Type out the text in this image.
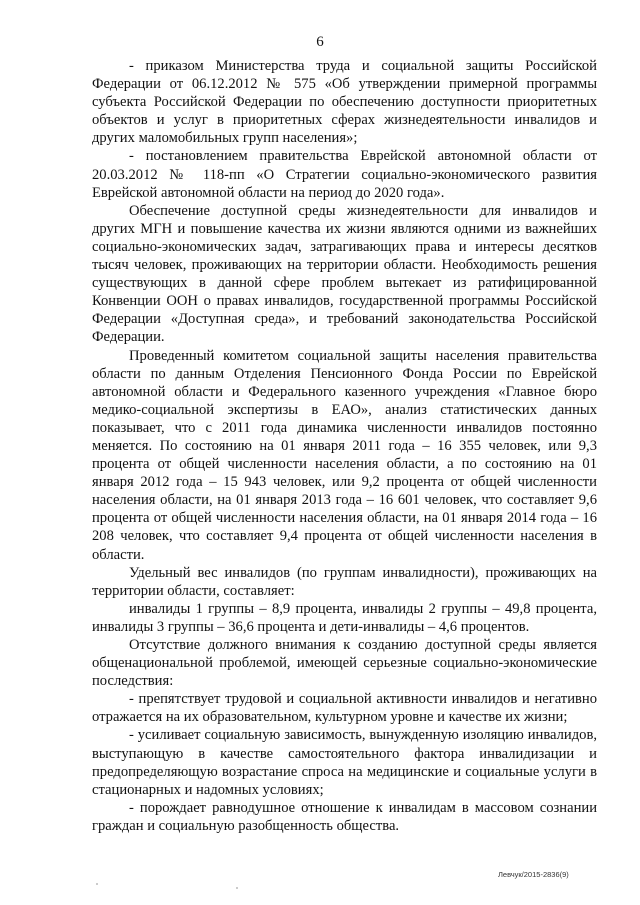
6

- приказом Министерства труда и социальной защиты Российской Федерации от 06.12.2012 № 575 «Об утверждении примерной программы субъекта Российской Федерации по обеспечению доступности приоритетных объектов и услуг в приоритетных сферах жизнедеятельности инвалидов и других маломобильных групп населения»;

- постановлением правительства Еврейской автономной области от 20.03.2012 № 118-пп «О Стратегии социально-экономического развития Еврейской автономной области на период до 2020 года».

Обеспечение доступной среды жизнедеятельности для инвалидов и других МГН и повышение качества их жизни являются одними из важнейших социально-экономических задач, затрагивающих права и интересы десятков тысяч человек, проживающих на территории области. Необходимость решения существующих в данной сфере проблем вытекает из ратифицированной Конвенции ООН о правах инвалидов, государственной программы Российской Федерации «Доступная среда», и требований законодательства Российской Федерации.

Проведенный комитетом социальной защиты населения правительства области по данным Отделения Пенсионного Фонда России по Еврейской автономной области и Федерального казенного учреждения «Главное бюро медико-социальной экспертизы в ЕАО», анализ статистических данных показывает, что с 2011 года динамика численности инвалидов постоянно меняется. По состоянию на 01 января 2011 года – 16 355 человек, или 9,3 процента от общей численности населения области, а по состоянию на 01 января 2012 года – 15 943 человек, или 9,2 процента от общей численности населения области, на 01 января 2013 года – 16 601 человек, что составляет 9,6 процента от общей численности населения области, на 01 января 2014 года – 16 208 человек, что составляет 9,4 процента от общей численности населения в области.

Удельный вес инвалидов (по группам инвалидности), проживающих на территории области, составляет:

инвалиды 1 группы – 8,9 процента, инвалиды 2 группы – 49,8 процента, инвалиды 3 группы – 36,6 процента и дети-инвалиды – 4,6 процентов.

Отсутствие должного внимания к созданию доступной среды является общенациональной проблемой, имеющей серьезные социально-экономические последствия:

- препятствует трудовой и социальной активности инвалидов и негативно отражается на их образовательном, культурном уровне и качестве их жизни;

- усиливает социальную зависимость, вынужденную изоляцию инвалидов, выступающую в качестве самостоятельного фактора инвалидизации и предопределяющую возрастание спроса на медицинские и социальные услуги в стационарных и надомных условиях;

- порождает равнодушное отношение к инвалидам в массовом сознании граждан и социальную разобщенность общества.

Левчук/2015-2836(9)
